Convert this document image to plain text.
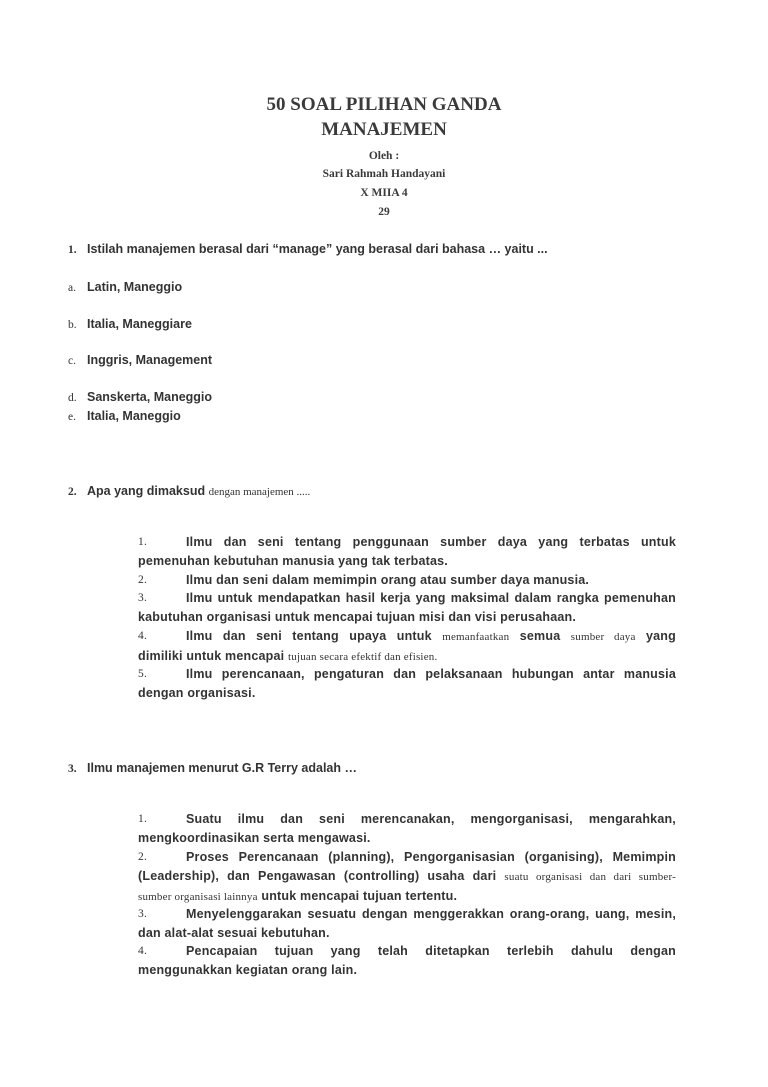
50 SOAL PILIHAN GANDA
MANAJEMEN
Oleh :
Sari Rahmah Handayani
X MIIA 4
29
1. Istilah manajemen berasal dari “manage” yang berasal dari bahasa … yaitu ...
a. Latin, Maneggio
b. Italia, Maneggiare
c. Inggris, Management
d. Sanskerta, Maneggio
e. Italia, Maneggio
2. Apa yang dimaksud dengan manajemen .....
1.	Ilmu dan seni tentang penggunaan sumber daya yang terbatas untuk

pemenuhan kebutuhan manusia yang tak terbatas.

2.	Ilmu dan seni dalam memimpin orang atau sumber daya manusia.

3.	Ilmu untuk mendapatkan hasil kerja yang maksimal dalam rangka pemenuhan

kabutuhan organisasi untuk mencapai tujuan misi dan visi perusahaan.

4.	Ilmu dan seni tentang upaya untuk memanfaatkan semua sumber daya yang

dimiliki untuk mencapai tujuan secara efektif dan efisien.

5.	Ilmu perencanaan, pengaturan dan pelaksanaan hubungan antar manusia

dengan organisasi.

3. Ilmu manajemen menurut G.R Terry adalah …
1.	Suatu ilmu dan seni merencanakan, mengorganisasi, mengarahkan,

mengkoordinasikan serta mengawasi.

2.	Proses Perencanaan (planning), Pengorganisasian (organising), Memimpin

(Leadership), dan Pengawasan (controlling) usaha dari suatu organisasi dan dari sumber-

sumber organisasi lainnya untuk mencapai tujuan tertentu.

3.	Menyelenggarakan sesuatu dengan menggerakkan orang-orang, uang, mesin,

dan alat-alat sesuai kebutuhan.

4.	Pencapaian tujuan yang telah ditetapkan terlebih dahulu dengan

menggunakkan kegiatan orang lain.
